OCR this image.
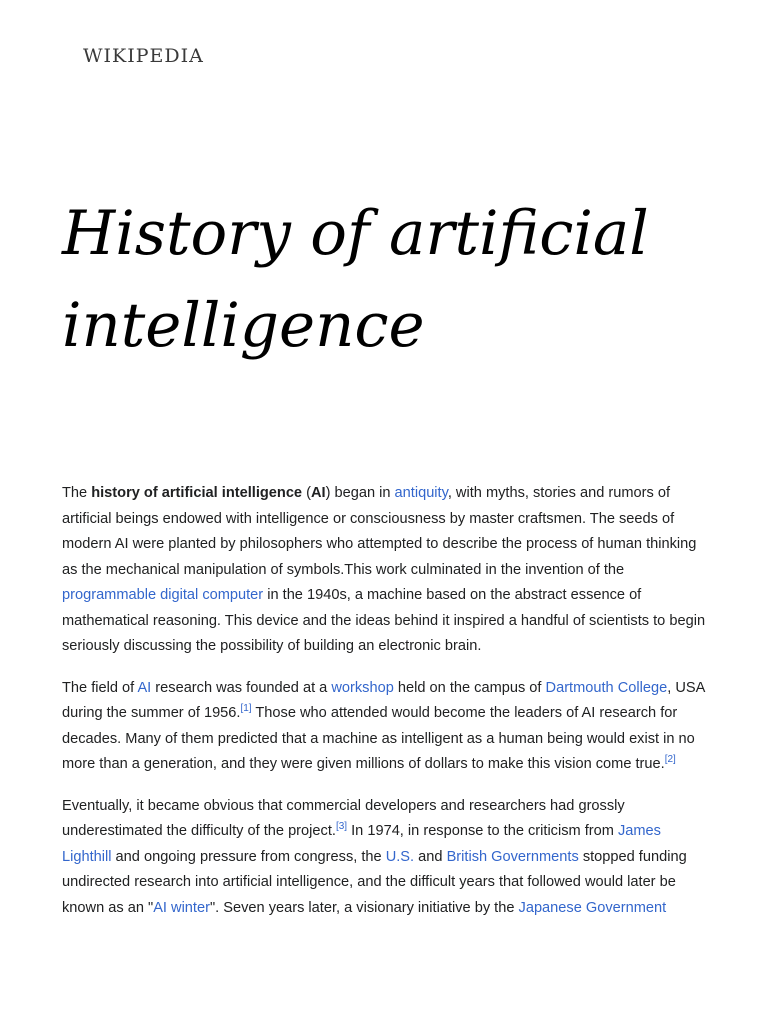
WIKIPEDIA
History of artificial
intelligence

The history of artificial intelligence (AI) began in antiquity, with myths, stories and rumors of artificial beings endowed with intelligence or consciousness by master craftsmen. The seeds of modern AI were planted by philosophers who attempted to describe the process of human thinking as the mechanical manipulation of symbols.This work culminated in the invention of the programmable digital computer in the 1940s, a machine based on the abstract essence of mathematical reasoning. This device and the ideas behind it inspired a handful of scientists to begin seriously discussing the possibility of building an electronic brain.

The field of AI research was founded at a workshop held on the campus of Dartmouth College, USA during the summer of 1956.[1] Those who attended would become the leaders of AI research for decades. Many of them predicted that a machine as intelligent as a human being would exist in no more than a generation, and they were given millions of dollars to make this vision come true.[2]

Eventually, it became obvious that commercial developers and researchers had grossly underestimated the difficulty of the project.[3] In 1974, in response to the criticism from James Lighthill and ongoing pressure from congress, the U.S. and British Governments stopped funding undirected research into artificial intelligence, and the difficult years that followed would later be known as an "AI winter". Seven years later, a visionary initiative by the Japanese Government
